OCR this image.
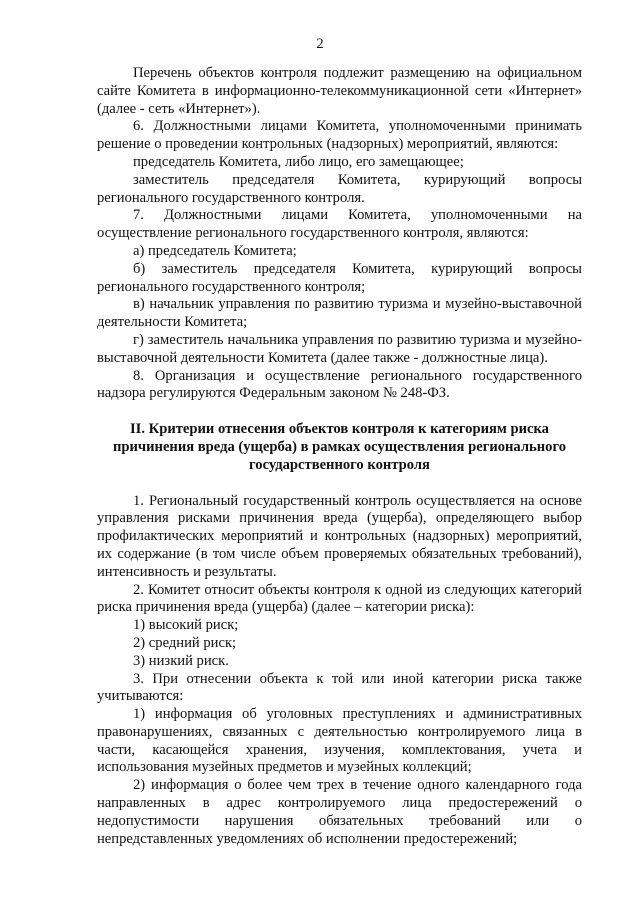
2

Перечень объектов контроля подлежит размещению на официальном сайте Комитета в информационно-телекоммуникационной сети «Интернет» (далее - сеть «Интернет»).

6. Должностными лицами Комитета, уполномоченными принимать решение о проведении контрольных (надзорных) мероприятий, являются:

председатель Комитета, либо лицо, его замещающее;

заместитель председателя Комитета, курирующий вопросы регионального государственного контроля.

7. Должностными лицами Комитета, уполномоченными на осуществление регионального государственного контроля, являются:

а) председатель Комитета;

б) заместитель председателя Комитета, курирующий вопросы регионального государственного контроля;

в) начальник управления по развитию туризма и музейно-выставочной деятельности Комитета;

г) заместитель начальника управления по развитию туризма и музейно-выставочной деятельности Комитета (далее также - должностные лица).

8. Организация и осуществление регионального государственного надзора регулируются Федеральным законом № 248-ФЗ.

II. Критерии отнесения объектов контроля к категориям риска причинения вреда (ущерба) в рамках осуществления регионального государственного контроля

1. Региональный государственный контроль осуществляется на основе управления рисками причинения вреда (ущерба), определяющего выбор профилактических мероприятий и контрольных (надзорных) мероприятий, их содержание (в том числе объем проверяемых обязательных требований), интенсивность и результаты.

2. Комитет относит объекты контроля к одной из следующих категорий риска причинения вреда (ущерба) (далее – категории риска):

1) высокий риск;

2) средний риск;

3) низкий риск.

3. При отнесении объекта к той или иной категории риска также учитываются:

1) информация об уголовных преступлениях и административных правонарушениях, связанных с деятельностью контролируемого лица в части, касающейся хранения, изучения, комплектования, учета и использования музейных предметов и музейных коллекций;

2) информация о более чем трех в течение одного календарного года направленных в адрес контролируемого лица предостережений о недопустимости нарушения обязательных требований или о непредставленных уведомлениях об исполнении предостережений;
